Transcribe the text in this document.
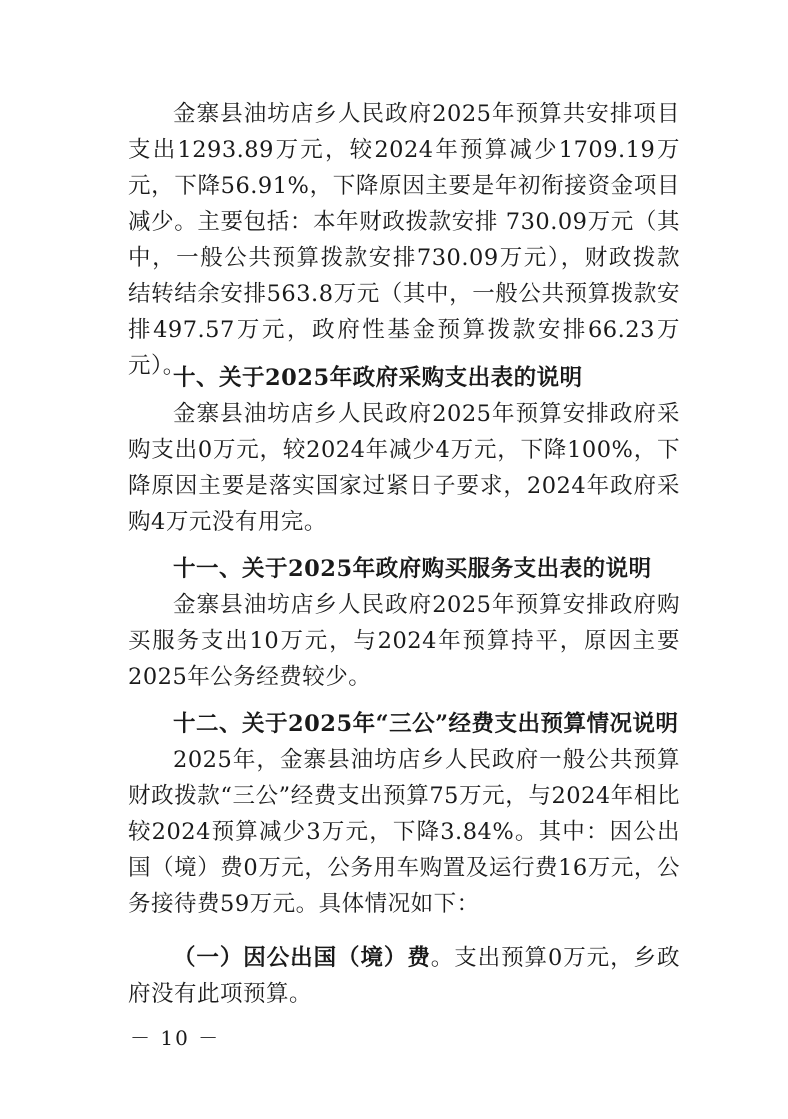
金寨县油坊店乡人民政府2025年预算共安排项目支出1293.89万元，较2024年预算减少1709.19万元，下降56.91%，下降原因主要是年初衔接资金项目减少。主要包括：本年财政拨款安排 730.09万元（其中，一般公共预算拨款安排730.09万元），财政拨款结转结余安排563.8万元（其中，一般公共预算拨款安排497.57万元，政府性基金预算拨款安排66.23万元）。

十、关于2025年政府采购支出表的说明

金寨县油坊店乡人民政府2025年预算安排政府采购支出0万元，较2024年减少4万元，下降100%，下降原因主要是落实国家过紧日子要求，2024年政府采购4万元没有用完。

十一、关于2025年政府购买服务支出表的说明

金寨县油坊店乡人民政府2025年预算安排政府购买服务支出10万元，与2024年预算持平，原因主要2025年公务经费较少。

十二、关于2025年“三公”经费支出预算情况说明

2025年，金寨县油坊店乡人民政府一般公共预算财政拨款“三公”经费支出预算75万元，与2024年相比较2024预算减少3万元，下降3.84%。其中：因公出国（境）费0万元，公务用车购置及运行费16万元，公务接待费59万元。具体情况如下：

（一）因公出国（境）费。支出预算0万元，乡政府没有此项预算。

－ 10 －
